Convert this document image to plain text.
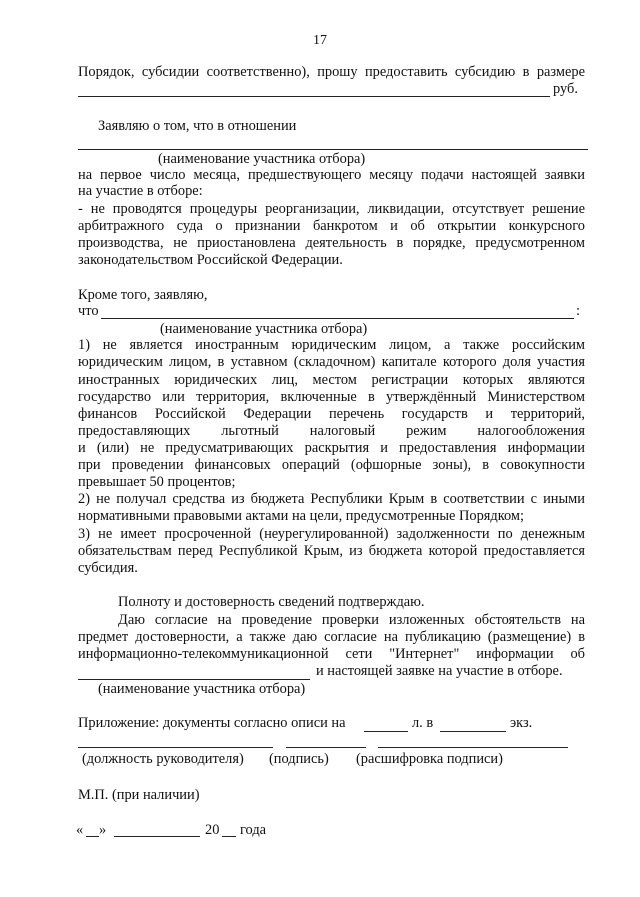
17
Порядок, субсидии соответственно), прошу предоставить субсидию в размере
руб.
Заявляю о том, что в отношении
(наименование участника отбора)
на первое число месяца, предшествующего месяцу подачи настоящей заявки
на участие в отборе:
- не проводятся процедуры реорганизации, ликвидации, отсутствует решение
арбитражного суда о признании банкротом и об открытии конкурсного
производства, не приостановлена деятельность в порядке, предусмотренном
законодательством Российской Федерации.
Кроме того, заявляю,
что	:
(наименование участника отбора)
1) не является иностранным юридическим лицом, а также российским
юридическим лицом, в уставном (складочном) капитале которого доля участия
иностранных юридических лиц, местом регистрации которых являются
государство или территория, включенные в утверждённый Министерством
финансов Российской Федерации перечень государств и территорий,
предоставляющих льготный налоговый режим налогообложения
и (или) не предусматривающих раскрытия и предоставления информации
при проведении финансовых операций (офшорные зоны), в совокупности
превышает 50 процентов;
2) не получал средства из бюджета Республики Крым в соответствии с иными
нормативными правовыми актами на цели, предусмотренные Порядком;
3) не имеет просроченной (неурегулированной) задолженности по денежным
обязательствам перед Республикой Крым, из бюджета которой предоставляется
субсидия.
Полноту и достоверность сведений подтверждаю.
Даю согласие на проведение проверки изложенных обстоятельств на
предмет достоверности, а также даю согласие на публикацию (размещение) в
информационно-телекоммуникационной сети "Интернет" информации об
и настоящей заявке на участие в отборе.
(наименование участника отбора)
Приложение: документы согласно описи на	л. в	экз.
(должность руководителя) (подпись) (расшифровка подписи)
М.П. (при наличии)
« »	20 года
